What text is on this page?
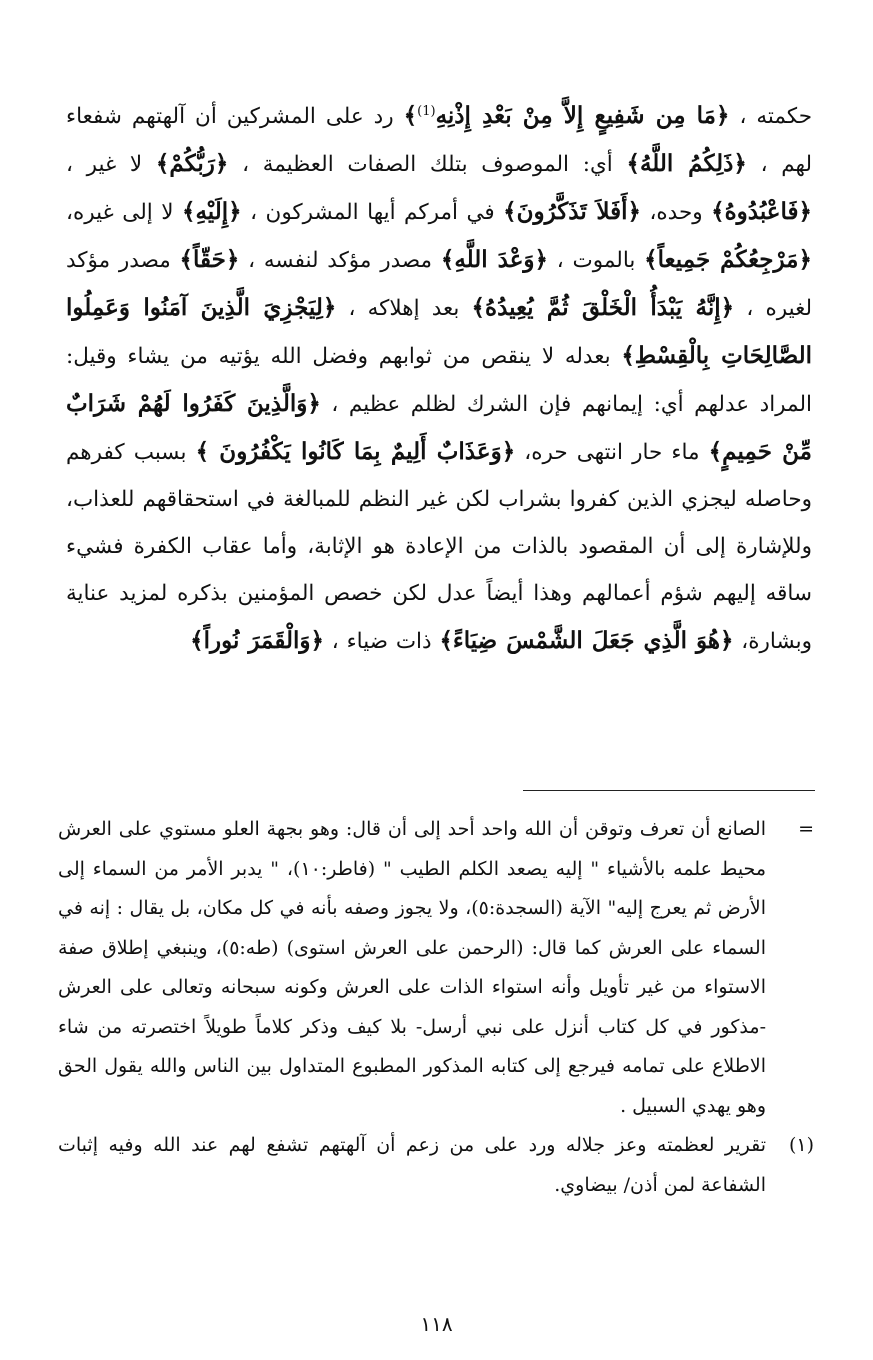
حكمته ، ﴿مَا مِن شَفِيعٍ إِلاَّ مِنْ بَعْدِ إِذْنِهِ$^{(1)}$﴾ رد على المشركين أن آلهتهم شفعاء لهم ، ﴿ذَلِكُمُ اللَّهُ﴾ أي: الموصوف بتلك الصفات العظيمة ، ﴿رَبُّكُمْ﴾ لا غير ، ﴿فَاعْبُدُوهُ﴾ وحده، ﴿أَفَلاَ تَذَكَّرُونَ﴾ في أمركم أيها المشركون ، ﴿إِلَيْهِ﴾ لا إلى غيره، ﴿مَرْجِعُكُمْ جَمِيعاً﴾ بالموت ، ﴿وَعْدَ اللَّهِ﴾ مصدر مؤكد لنفسه ، ﴿حَقّاً﴾ مصدر مؤكد لغيره ، ﴿إِنَّهُ يَبْدَأُ الْخَلْقَ ثُمَّ يُعِيدُهُ﴾ بعد إهلاكه ، ﴿لِيَجْزِيَ الَّذِينَ آمَنُوا وَعَمِلُوا الصَّالِحَاتِ بِالْقِسْطِ﴾ بعدله لا ينقص من ثوابهم وفضل الله يؤتيه من يشاء وقيل: المراد عدلهم أي: إيمانهم فإن الشرك لظلم عظيم ، ﴿وَالَّذِينَ كَفَرُوا لَهُمْ شَرَابٌ مِّنْ حَمِيمٍ﴾ ماء حار انتهى حره، ﴿وَعَذَابٌ أَلِيمٌ بِمَا كَانُوا يَكْفُرُونَ ﴾ بسبب كفرهم وحاصله ليجزي الذين كفروا بشراب لكن غير النظم للمبالغة في استحقاقهم للعذاب، وللإشارة إلى أن المقصود بالذات من الإعادة هو الإثابة، وأما عقاب الكفرة فشيء ساقه إليهم شؤم أعمالهم وهذا أيضاً عدل لكن خصص المؤمنين بذكره لمزيد عناية وبشارة، ﴿هُوَ الَّذِي جَعَلَ الشَّمْسَ ضِيَاءً﴾ ذات ضياء ، ﴿وَالْقَمَرَ نُوراً﴾
=
الصانع أن تعرف وتوقن أن الله واحد أحد إلى أن قال: وهو بجهة العلو مستوي على العرش محيط علمه بالأشياء " إليه يصعد الكلم الطيب " (فاطر:١٠)، " يدبر الأمر من السماء إلى الأرض ثم يعرج إليه" الآية (السجدة:٥)، ولا يجوز وصفه بأنه في كل مكان، بل يقال : إنه في السماء على العرش كما قال: (الرحمن على العرش استوى) (طه:٥)، وينبغي إطلاق صفة الاستواء من غير تأويل وأنه استواء الذات على العرش وكونه سبحانه وتعالى على العرش -مذكور في كل كتاب أنزل على نبي أرسل- بلا كيف وذكر كلاماً طويلاً اختصرته من شاء الاطلاع على تمامه فيرجع إلى كتابه المذكور المطبوع المتداول بين الناس والله يقول الحق وهو يهدي السبيل .
(١)
تقرير لعظمته وعز جلاله ورد على من زعم أن آلهتهم تشفع لهم عند الله وفيه إثبات الشفاعة لمن أذن/ بيضاوي.
١١٨
